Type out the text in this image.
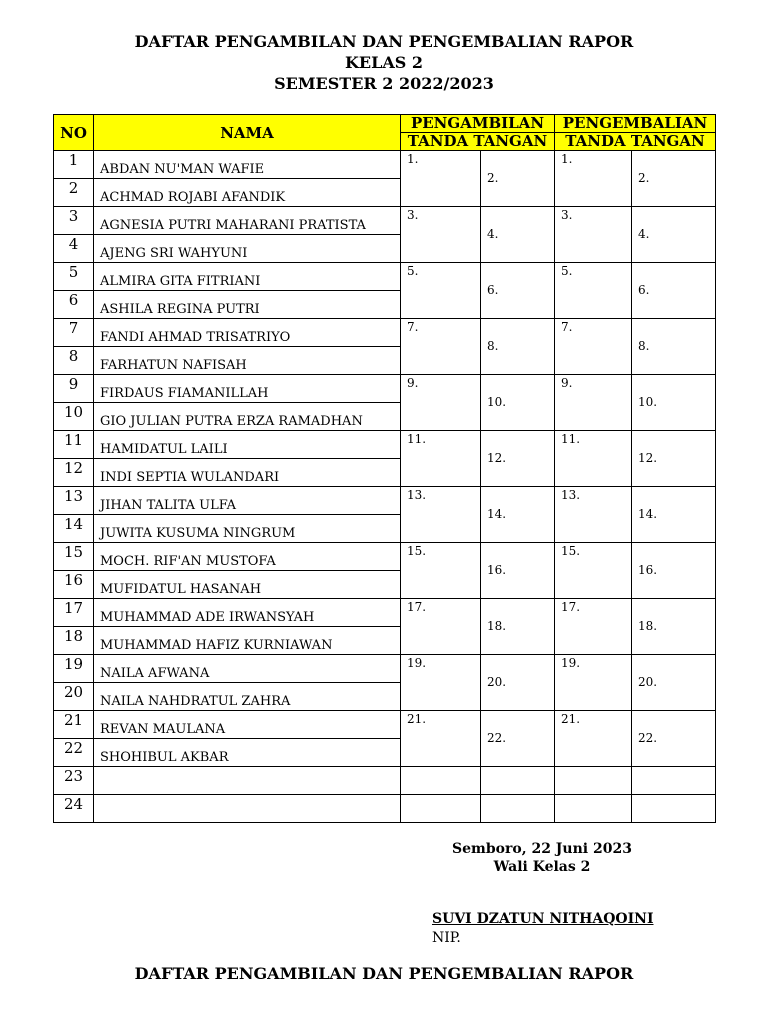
DAFTAR PENGAMBILAN DAN PENGEMBALIAN RAPOR
KELAS 2
SEMESTER 2 2022/2023
NO	NAMA	PENGAMBILAN		PENGEMBALIAN	
		TANDA TANGAN		TANDA TANGAN	
1	ABDAN NU'MAN WAFIE	1.	2.	1.	2.

2	ACHMAD ROJABI AFANDIK				
3	AGNESIA PUTRI MAHARANI PRATISTA	3.	4.	3.	4.

4	AJENG SRI WAHYUNI				
5	ALMIRA GITA FITRIANI	5.	6.	5.	6.

6	ASHILA REGINA PUTRI				
7	FANDI AHMAD TRISATRIYO	7.	8.	7.	8.

8	FARHATUN NAFISAH				
9	FIRDAUS FIAMANILLAH	9.	10.	9.	10.

10	GIO JULIAN PUTRA ERZA RAMADHAN				
11	HAMIDATUL LAILI	11.	12.	11.	12.

12	INDI SEPTIA WULANDARI				
13	JIHAN TALITA ULFA	13.	14.	13.	14.

14	JUWITA KUSUMA NINGRUM				
15	MOCH. RIF'AN MUSTOFA	15.	16.	15.	16.

16	MUFIDATUL HASANAH				
17	MUHAMMAD ADE IRWANSYAH	17.	18.	17.	18.

18	MUHAMMAD HAFIZ KURNIAWAN				
19	NAILA AFWANA	19.	20.	19.	20.

20	NAILA NAHDRATUL ZAHRA				
21	REVAN MAULANA	21.	22.	21.	22.

22	SHOHIBUL AKBAR				
23					
24					
Semboro, 22 Juni 2023
Wali Kelas 2
SUVI DZATUN NITHAQOINI
NIP.
DAFTAR PENGAMBILAN DAN PENGEMBALIAN RAPOR
